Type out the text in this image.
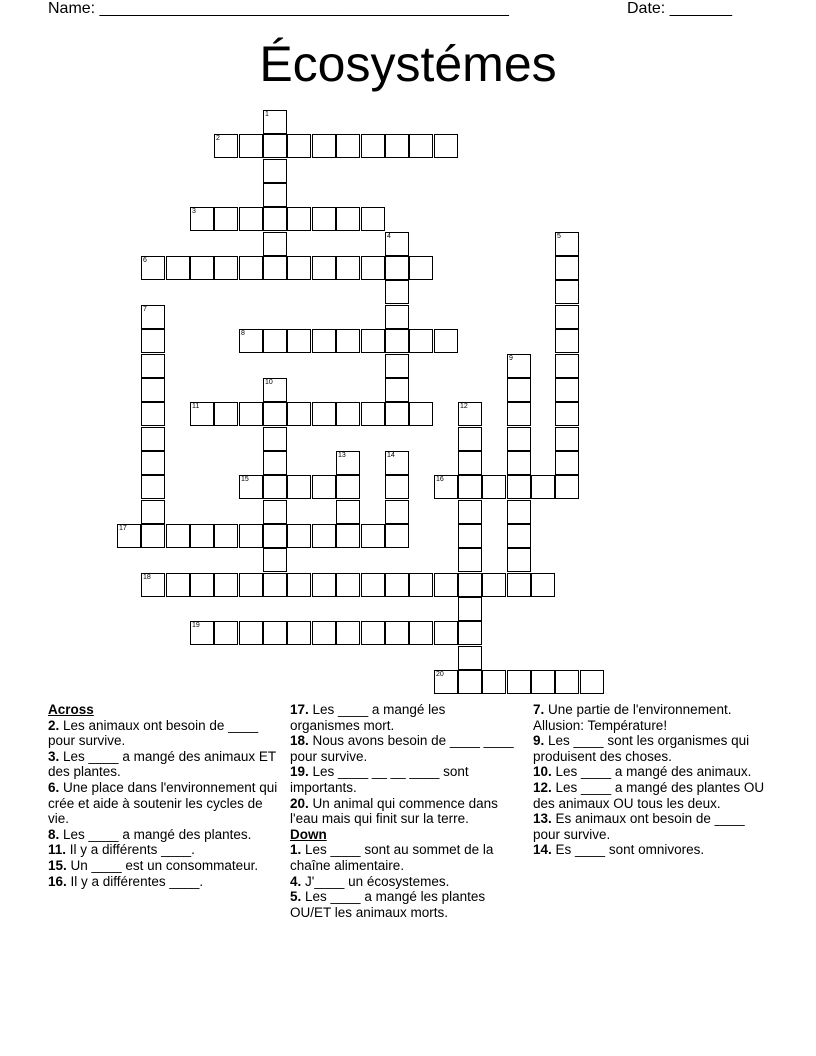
Name: ______________________________________________	Date: _______
Écosystémes
2
3
6
8
11
15	16
17
18
19
20
1
4	5
7
9
10
12
13	14
Across
2. Les animaux ont besoin de ____ pour survive.
3. Les ____ a mangé des animaux ET des plantes.
6. Une place dans l'environnement qui crée et aide à soutenir les cycles de vie.
8. Les ____ a mangé des plantes.
11. Il y a différents ____.
15. Un ____ est un consommateur.
16. Il y a différentes ____.
17. Les ____ a mangé les organismes mort.
18. Nous avons besoin de ____ ____ pour survive.
19. Les ____ __ __ ____ sont importants.
20. Un animal qui commence dans l'eau mais qui finit sur la terre.
Down
1. Les ____ sont au sommet de la chaîne alimentaire.
4. J'____ un écosystemes.
5. Les ____ a mangé les plantes OU/ET les animaux morts.
7. Une partie de l'environnement. Allusion: Température!
9. Les ____ sont les organismes qui produisent des choses.
10. Les ____ a mangé des animaux.
12. Les ____ a mangé des plantes OU des animaux OU tous les deux.
13. Es animaux ont besoin de ____ pour survive.
14. Es ____ sont omnivores.
